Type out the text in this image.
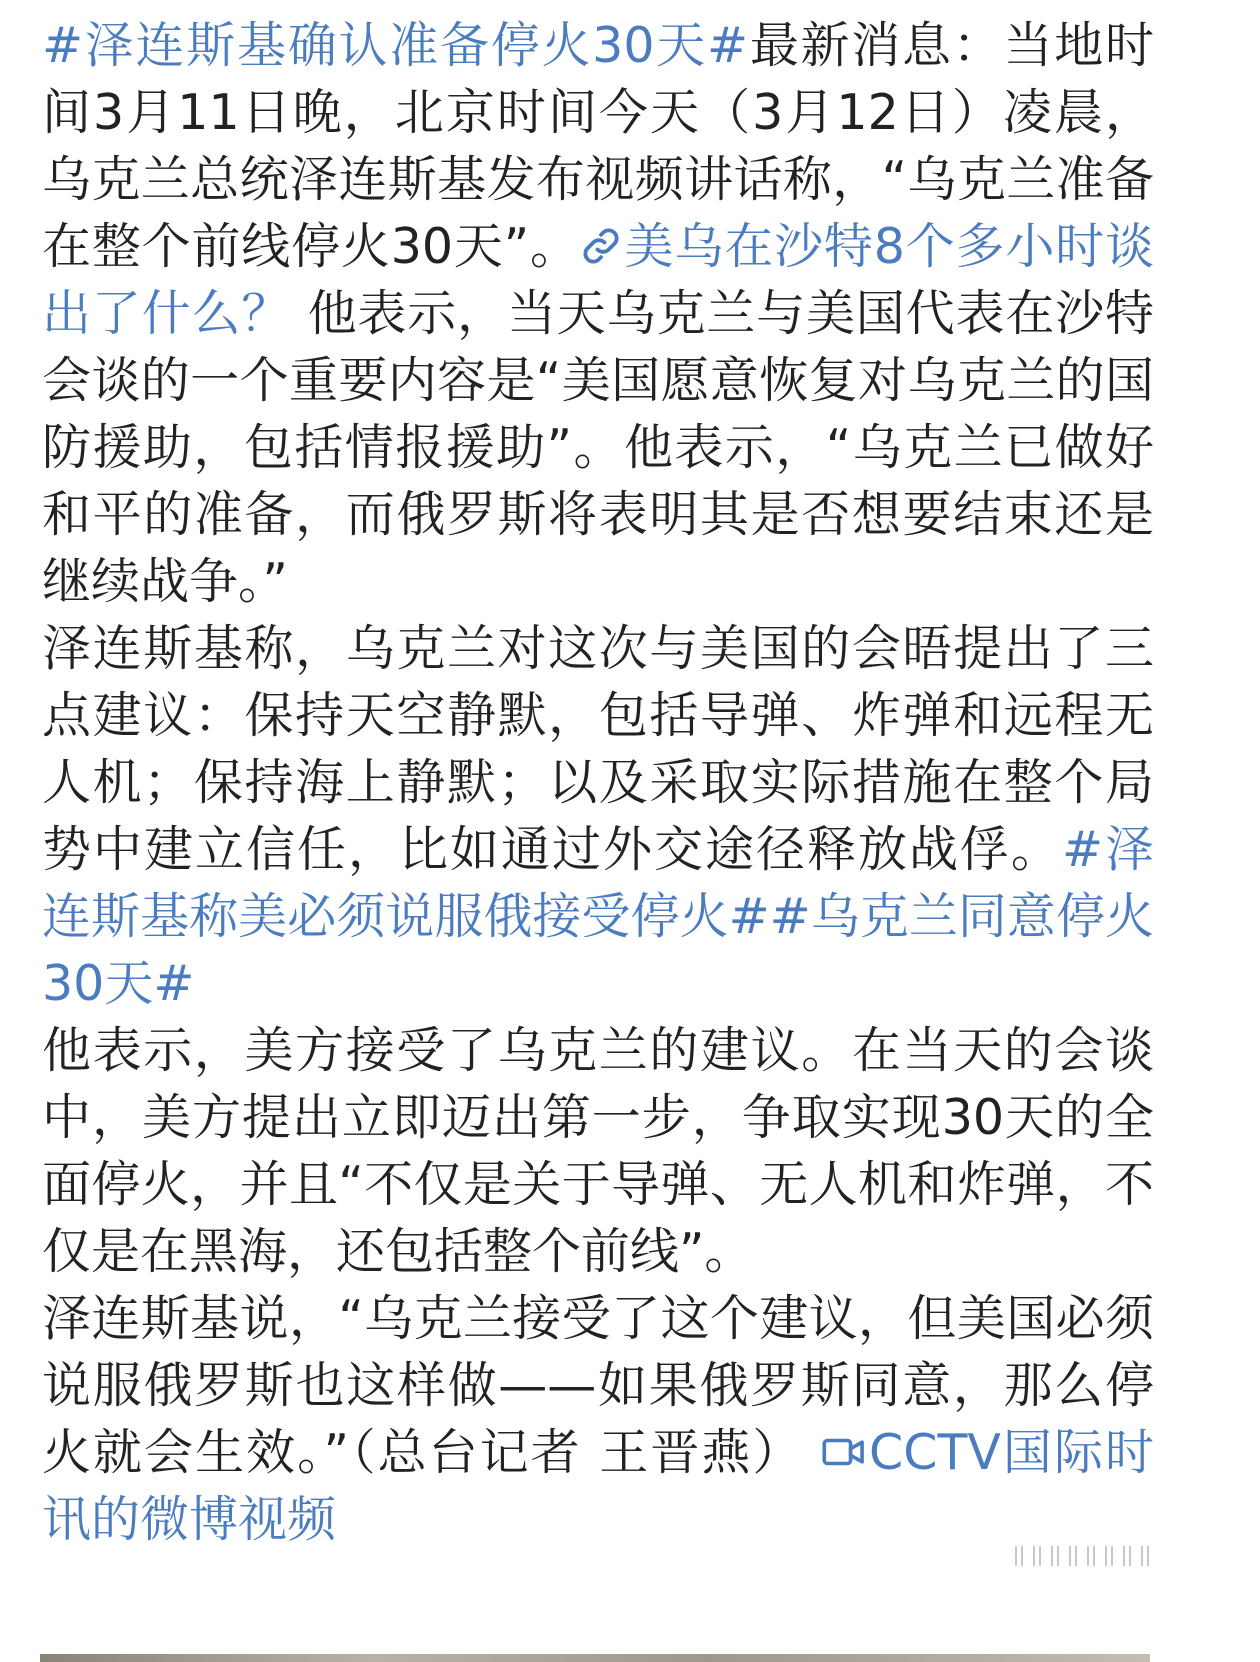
#泽连斯基确认准备停火30天#最新消息：当地时间3月11日晚，北京时间今天（3月12日）凌晨，乌克兰总统泽连斯基发布视频讲话称，“乌克兰准备在整个前线停火30天”。 美乌在沙特8个多小时谈出了什么？ 他表示，当天乌克兰与美国代表在沙特会谈的一个重要内容是“美国愿意恢复对乌克兰的国防援助，包括情报援助”。他表示，“乌克兰已做好和平的准备，而俄罗斯将表明其是否想要结束还是继续战争。”

泽连斯基称，乌克兰对这次与美国的会晤提出了三点建议：保持天空静默，包括导弹、炸弹和远程无人机；保持海上静默；以及采取实际措施在整个局势中建立信任，比如通过外交途径释放战俘。#泽连斯基称美必须说服俄接受停火##乌克兰同意停火30天#

他表示，美方接受了乌克兰的建议。在当天的会谈中，美方提出立即迈出第一步，争取实现30天的全面停火，并且“不仅是关于导弹、无人机和炸弹，不仅是在黑海，还包括整个前线”。

泽连斯基说，“乌克兰接受了这个建议，但美国必须说服俄罗斯也这样做——如果俄罗斯同意，那么停火就会生效。”（总台记者 王晋燕） CCTV国际时讯的微博视频
